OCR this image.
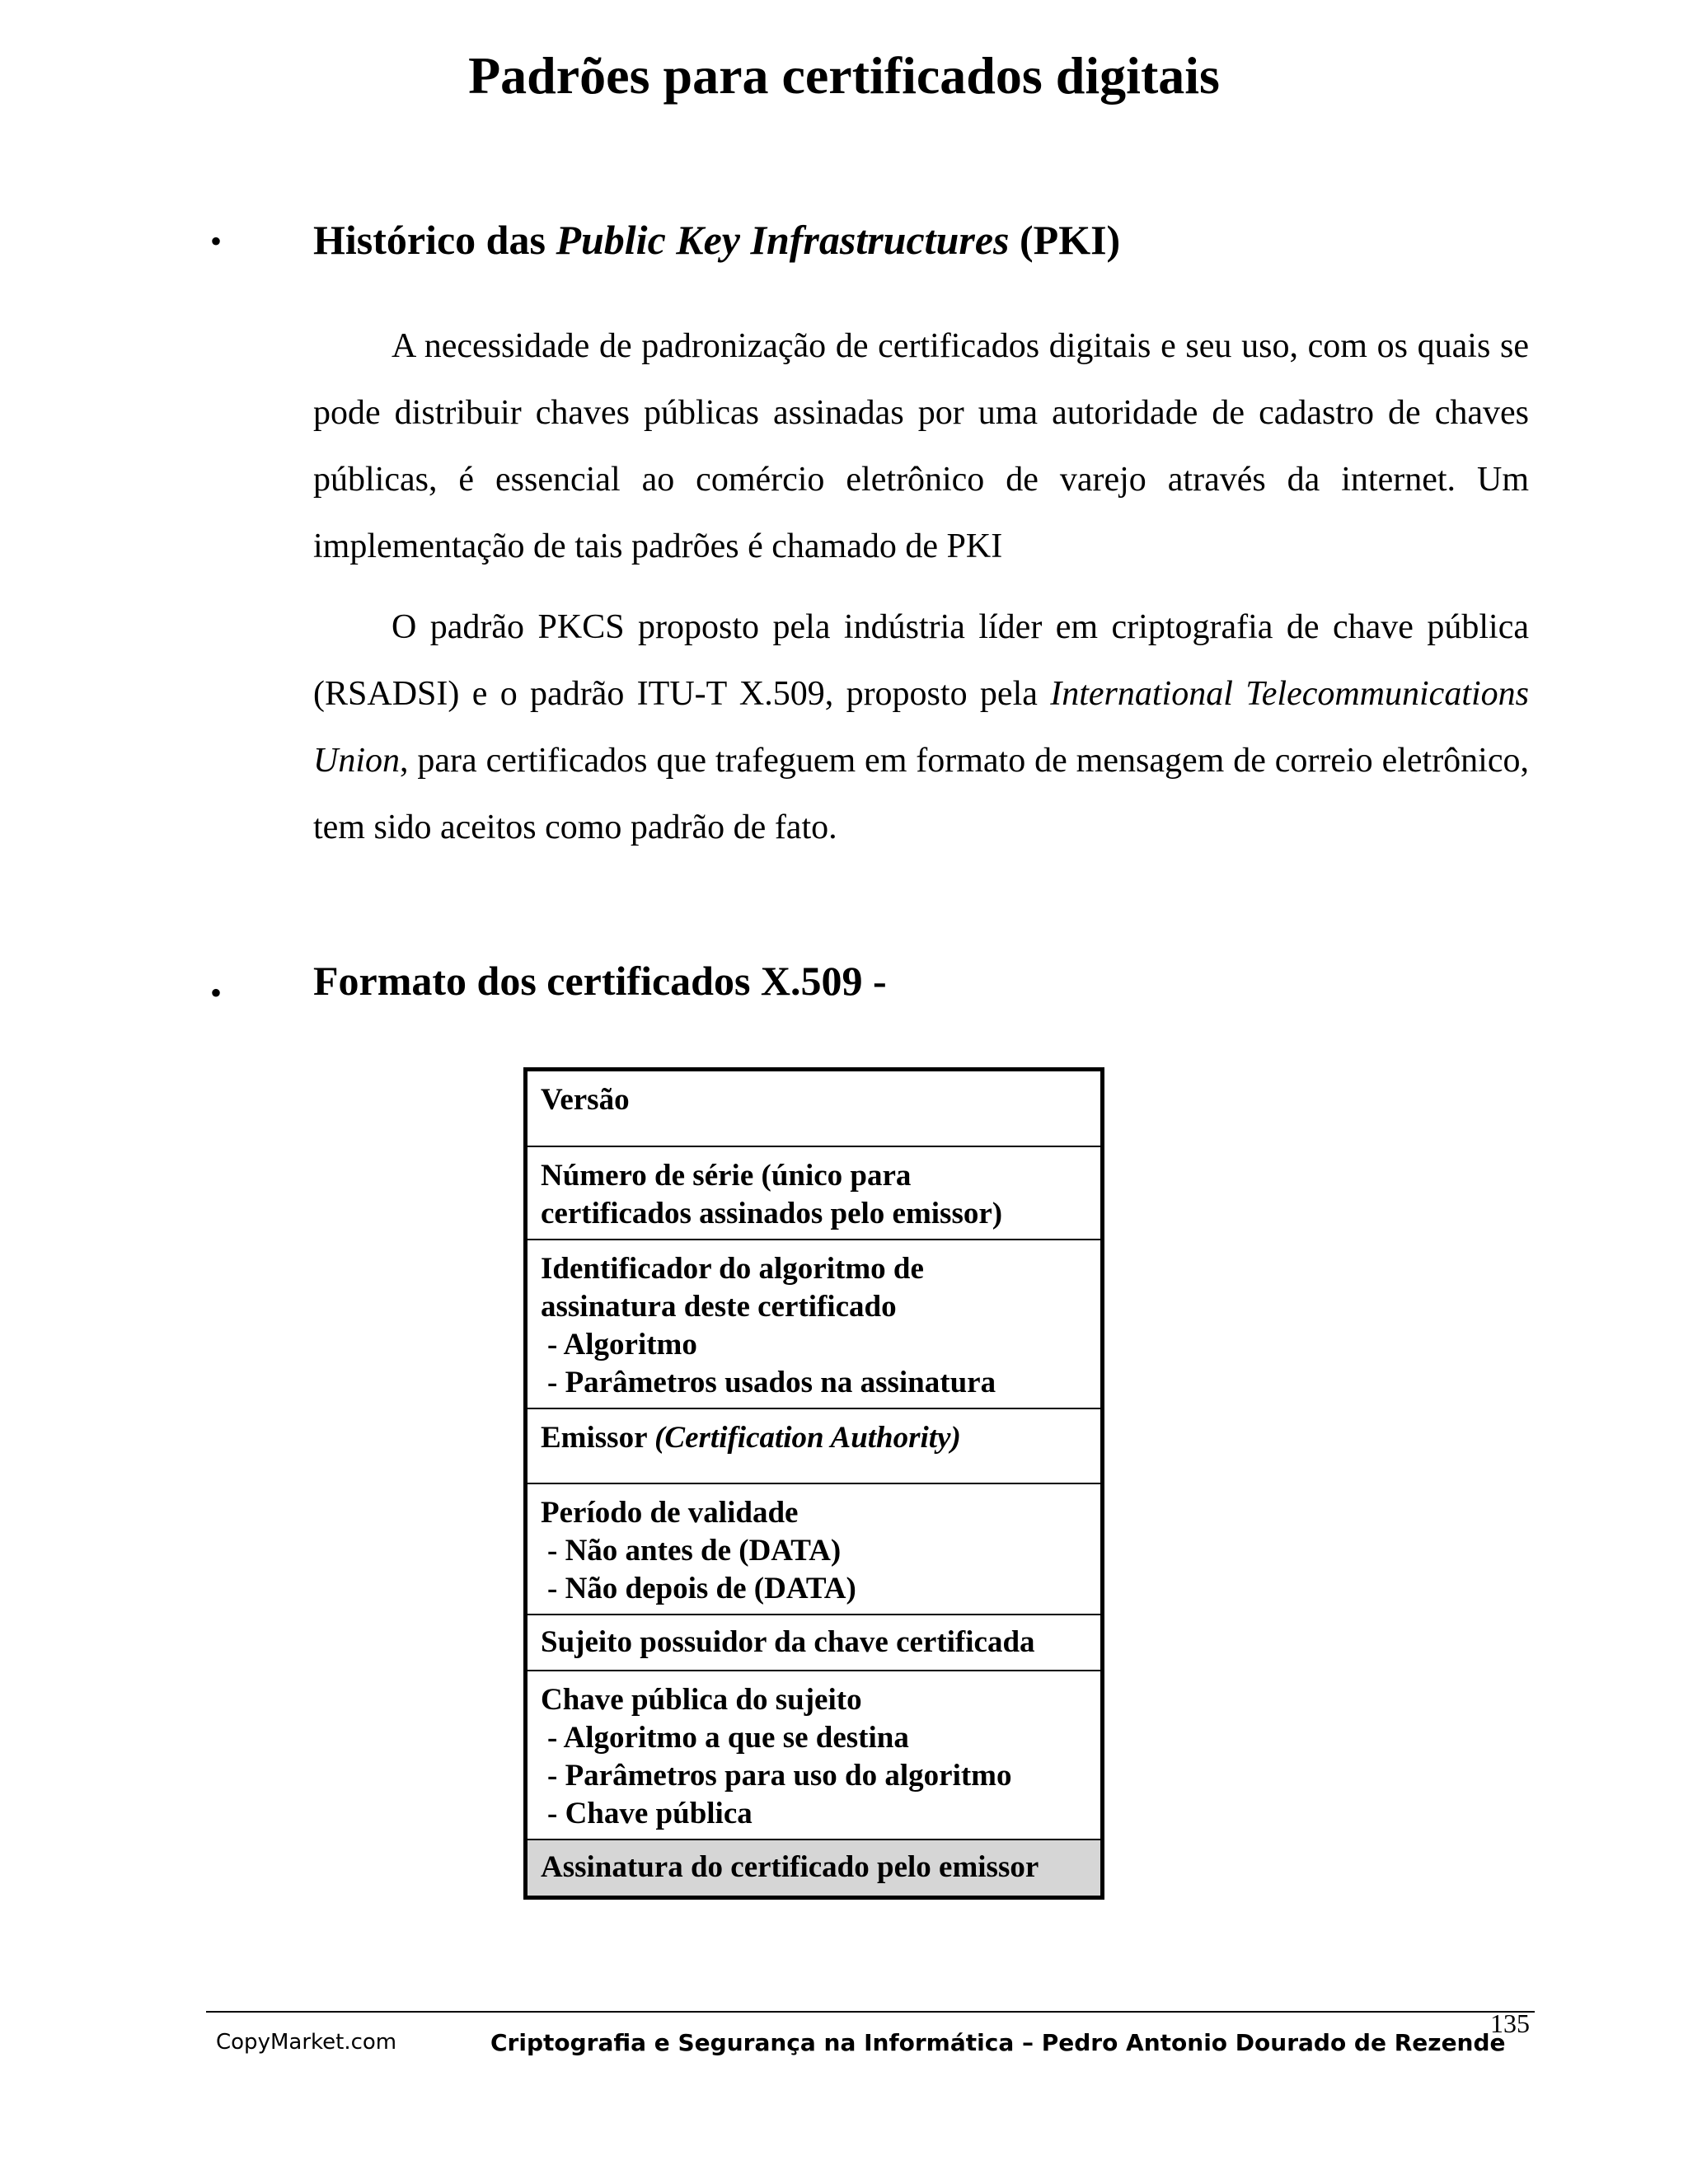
Padrões para certificados digitais
• Histórico das Public Key Infrastructures (PKI)

A necessidade de padronização de certificados digitais e seu uso, com os quais se pode distribuir chaves públicas assinadas por uma autoridade de cadastro de chaves públicas, é essencial ao comércio eletrônico de varejo através da internet. Um implementação de tais padrões é chamado de PKI

O padrão PKCS proposto pela indústria líder em criptografia de chave pública (RSADSI) e o padrão ITU-T X.509, proposto pela International Telecommunications Union, para certificados que trafeguem em formato de mensagem de correio eletrônico, tem sido aceitos como padrão de fato.

• Formato dos certificados X.509 -
Versão
Número de série (único para
certificados assinados pelo emissor)
Identificador do algoritmo de
assinatura deste certificado
- Algoritmo
- Parâmetros usados na assinatura
Emissor (Certification Authority)
Período de validade
- Não antes de (DATA)
- Não depois de (DATA)
Sujeito possuidor da chave certificada
Chave pública do sujeito
- Algoritmo a que se destina
- Parâmetros para uso do algoritmo
- Chave pública
Assinatura do certificado pelo emissor
135
CopyMarket.com	Criptografia e Segurança na Informática – Pedro Antonio Dourado de Rezende
